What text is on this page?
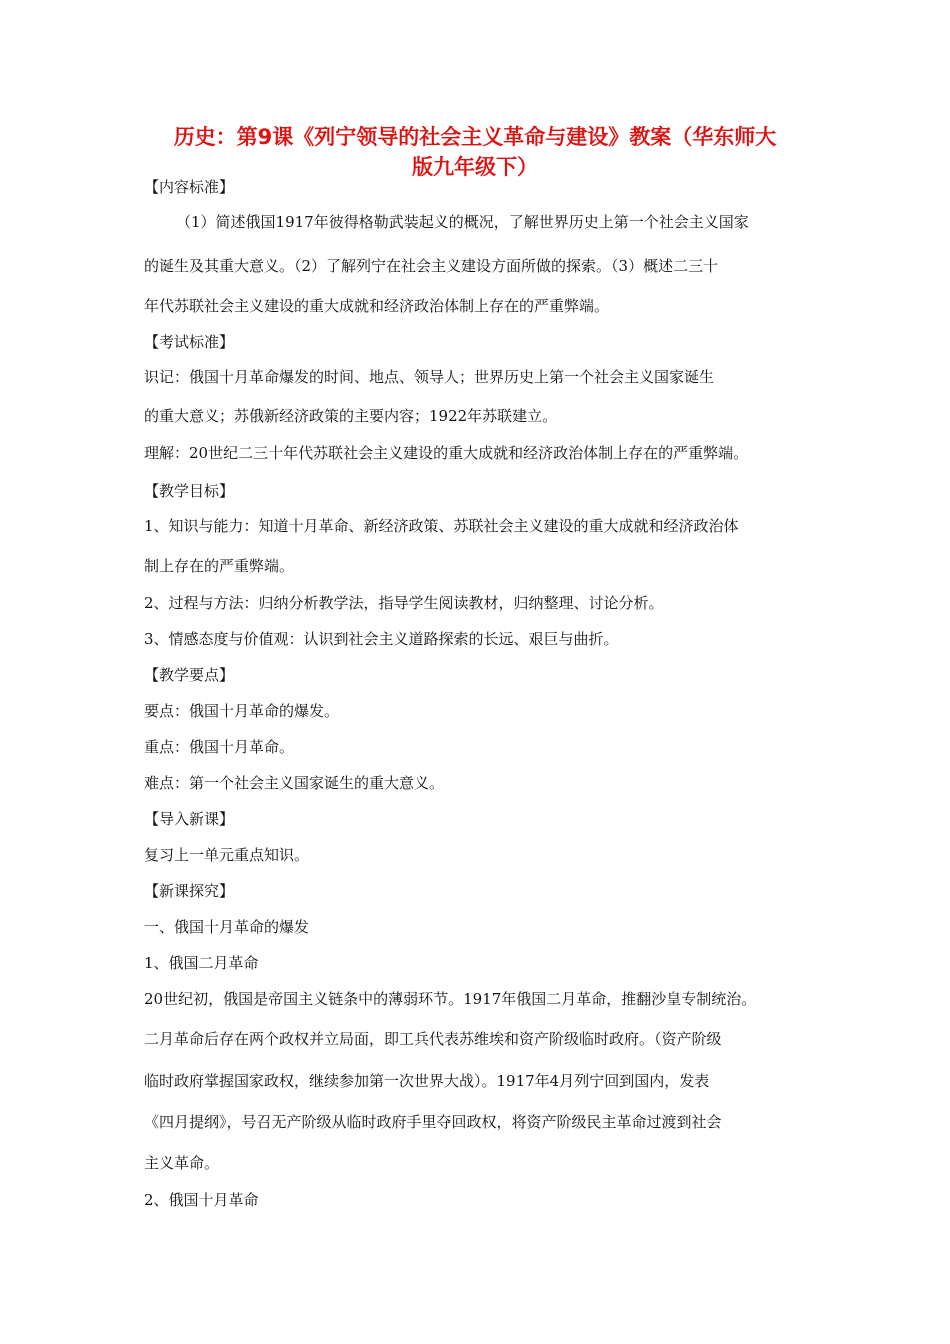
历史：第9课《列宁领导的社会主义革命与建设》教案（华东师大
版九年级下）
【内容标准】
（1）简述俄国1917年彼得格勒武装起义的概况，了解世界历史上第一个社会主义国家
的诞生及其重大意义。（2）了解列宁在社会主义建设方面所做的探索。（3）概述二三十
年代苏联社会主义建设的重大成就和经济政治体制上存在的严重弊端。
【考试标准】
识记：俄国十月革命爆发的时间、地点、领导人；世界历史上第一个社会主义国家诞生
的重大意义；苏俄新经济政策的主要内容；1922年苏联建立。
理解：20世纪二三十年代苏联社会主义建设的重大成就和经济政治体制上存在的严重弊端。
【教学目标】
1、知识与能力：知道十月革命、新经济政策、苏联社会主义建设的重大成就和经济政治体
制上存在的严重弊端。
2、过程与方法：归纳分析教学法，指导学生阅读教材，归纳整理、讨论分析。
3、情感态度与价值观：认识到社会主义道路探索的长远、艰巨与曲折。
【教学要点】
要点：俄国十月革命的爆发。
重点：俄国十月革命。
难点：第一个社会主义国家诞生的重大意义。
【导入新课】
复习上一单元重点知识。
【新课探究】
一、俄国十月革命的爆发
1、俄国二月革命
20世纪初，俄国是帝国主义链条中的薄弱环节。1917年俄国二月革命，推翻沙皇专制统治。
二月革命后存在两个政权并立局面，即工兵代表苏维埃和资产阶级临时政府。（资产阶级
临时政府掌握国家政权，继续参加第一次世界大战）。1917年4月列宁回到国内，发表
《四月提纲》，号召无产阶级从临时政府手里夺回政权，将资产阶级民主革命过渡到社会
主义革命。
2、俄国十月革命
